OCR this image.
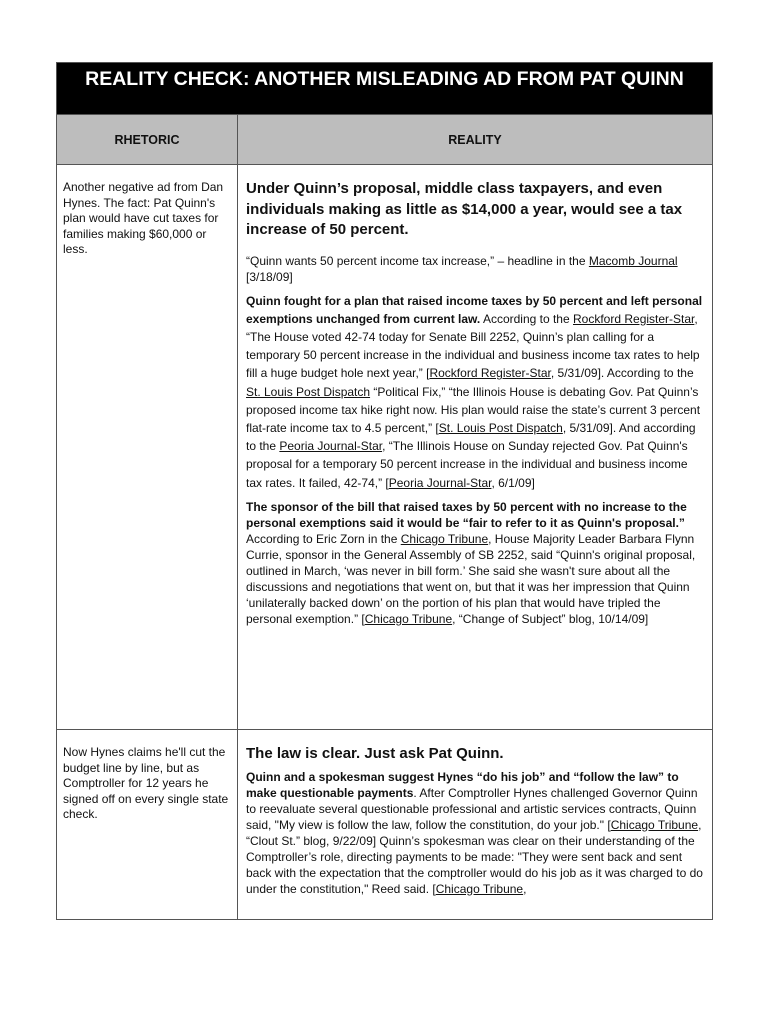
REALITY CHECK: ANOTHER MISLEADING AD FROM PAT QUINN
RHETORIC	REALITY
Another negative ad from Dan Hynes. The fact: Pat Quinn's plan would have cut taxes for families making $60,000 or less.
Under Quinn’s proposal, middle class taxpayers, and even individuals making as little as $14,000 a year, would see a tax increase of 50 percent.

“Quinn wants 50 percent income tax increase,” – headline in the Macomb Journal [3/18/09]

Quinn fought for a plan that raised income taxes by 50 percent and left personal exemptions unchanged from current law. According to the Rockford Register-Star, “The House voted 42-74 today for Senate Bill 2252, Quinn’s plan calling for a temporary 50 percent increase in the individual and business income tax rates to help fill a huge budget hole next year,” [Rockford Register-Star, 5/31/09]. According to the St. Louis Post Dispatch “Political Fix,” “the Illinois House is debating Gov. Pat Quinn’s proposed income tax hike right now. His plan would raise the state’s current 3 percent flat-rate income tax to 4.5 percent,” [St. Louis Post Dispatch, 5/31/09]. And according to the Peoria Journal-Star, “The Illinois House on Sunday rejected Gov. Pat Quinn's proposal for a temporary 50 percent increase in the individual and business income tax rates. It failed, 42-74,” [Peoria Journal-Star, 6/1/09]

The sponsor of the bill that raised taxes by 50 percent with no increase to the personal exemptions said it would be “fair to refer to it as Quinn's proposal.” According to Eric Zorn in the Chicago Tribune, House Majority Leader Barbara Flynn Currie, sponsor in the General Assembly of SB 2252, said “Quinn's original proposal, outlined in March, ‘was never in bill form.’ She said she wasn't sure about all the discussions and negotiations that went on, but that it was her impression that Quinn ‘unilaterally backed down’ on the portion of his plan that would have tripled the personal exemption.” [Chicago Tribune, “Change of Subject” blog, 10/14/09]

Now Hynes claims he'll cut the budget line by line, but as Comptroller for 12 years he signed off on every single state check.
The law is clear. Just ask Pat Quinn.

Quinn and a spokesman suggest Hynes “do his job” and “follow the law” to make questionable payments. After Comptroller Hynes challenged Governor Quinn to reevaluate several questionable professional and artistic services contracts, Quinn said, "My view is follow the law, follow the constitution, do your job." [Chicago Tribune, “Clout St.” blog, 9/22/09] Quinn’s spokesman was clear on their understanding of the Comptroller’s role, directing payments to be made: "They were sent back and sent back with the expectation that the comptroller would do his job as it was charged to do under the constitution," Reed said. [Chicago Tribune,
